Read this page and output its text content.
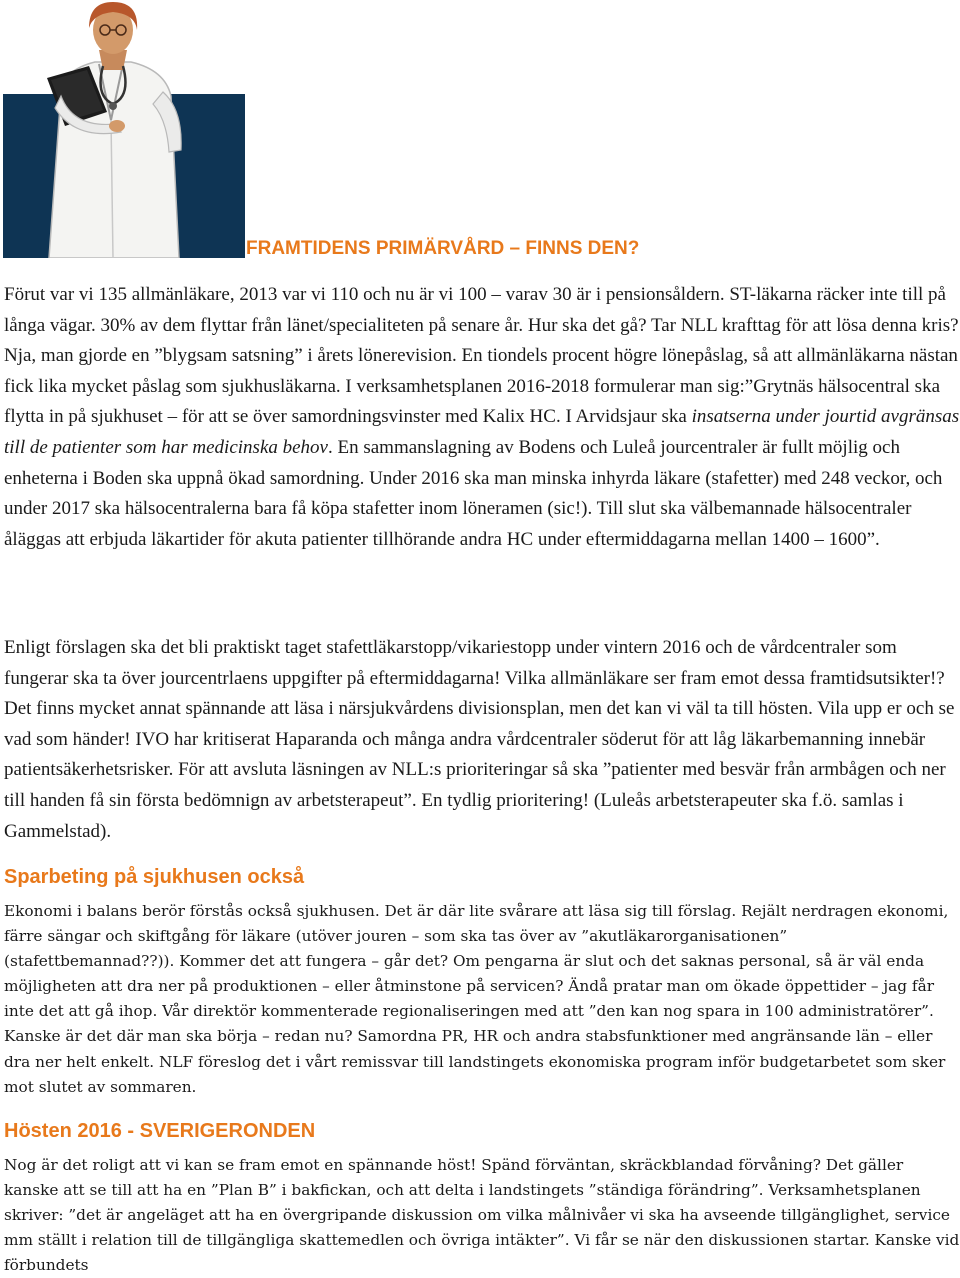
FRAMTIDENS PRIMÄRVÅRD – FINNS DEN?

Förut var vi 135 allmänläkare, 2013 var vi 110 och nu är vi 100 – varav 30 är i pensionsåldern. ST-läkarna räcker inte till på långa vägar. 30% av dem flyttar från länet/specialiteten på senare år. Hur ska det gå? Tar NLL krafttag för att lösa denna kris? Nja, man gjorde en ”blygsam satsning” i årets lönerevision. En tiondels procent högre lönepåslag, så att allmänläkarna nästan fick lika mycket påslag som sjukhusläkarna. I verksamhetsplanen 2016-2018 formulerar man sig:”Grytnäs hälsocentral ska flytta in på sjukhuset – för att se över samordningsvinster med Kalix HC. I Arvidsjaur ska insatserna under jourtid avgränsas till de patienter som har medicinska behov. En sammanslagning av Bodens och Luleå jourcentraler är fullt möjlig och enheterna i Boden ska uppnå ökad samordning. Under 2016 ska man minska inhyrda läkare (stafetter) med 248 veckor, och under 2017 ska hälsocentralerna bara få köpa stafetter inom löneramen (sic!). Till slut ska välbemannade hälsocentraler åläggas att erbjuda läkartider för akuta patienter tillhörande andra HC under eftermiddagarna mellan 1400 – 1600”.

Enligt förslagen ska det bli praktiskt taget stafettläkarstopp/vikariestopp under vintern 2016 och de vårdcentraler som fungerar ska ta över jourcentrlaens uppgifter på eftermiddagarna! Vilka allmänläkare ser fram emot dessa framtidsutsikter!? Det finns mycket annat spännande att läsa i närsjukvårdens divisionsplan, men det kan vi väl ta till hösten. Vila upp er och se vad som händer! IVO har kritiserat Haparanda och många andra vårdcentraler söderut för att låg läkarbemanning innebär patientsäkerhetsrisker. För att avsluta läsningen av NLL:s prioriteringar så ska ”patienter med besvär från armbågen och ner till handen få sin första bedömnign av arbetsterapeut”. En tydlig prioritering! (Luleås arbetsterapeuter ska f.ö. samlas i Gammelstad).

Sparbeting på sjukhusen också

Ekonomi i balans berör förstås också sjukhusen. Det är där lite svårare att läsa sig till förslag. Rejält nerdragen ekonomi, färre sängar och skiftgång för läkare (utöver jouren – som ska tas över av ”akutläkarorganisationen” (stafettbemannad??)). Kommer det att fungera – går det? Om pengarna är slut och det saknas personal, så är väl enda möjligheten att dra ner på produktionen – eller åtminstone på servicen? Ändå pratar man om ökade öppettider – jag får inte det att gå ihop. Vår direktör kommenterade regionaliseringen med att ”den kan nog spara in 100 administratörer”. Kanske är det där man ska börja – redan nu? Samordna PR, HR och andra stabsfunktioner med angränsande län – eller dra ner helt enkelt. NLF föreslog det i vårt remissvar till landstingets ekonomiska program inför budgetarbetet som sker mot slutet av sommaren.

Hösten 2016 - SVERIGERONDEN

Nog är det roligt att vi kan se fram emot en spännande höst! Spänd förväntan, skräckblandad förvåning? Det gäller kanske att se till att ha en ”Plan B” i bakfickan, och att delta i landstingets ”ständiga förändring”. Verksamhetsplanen skriver: ”det är angeläget att ha en övergripande diskussion om vilka målnivåer vi ska ha avseende tillgänglighet, service mm ställt i relation till de tillgängliga skattemedlen och övriga intäkter”. Vi får se när den diskussionen startar. Kanske vid förbundets
